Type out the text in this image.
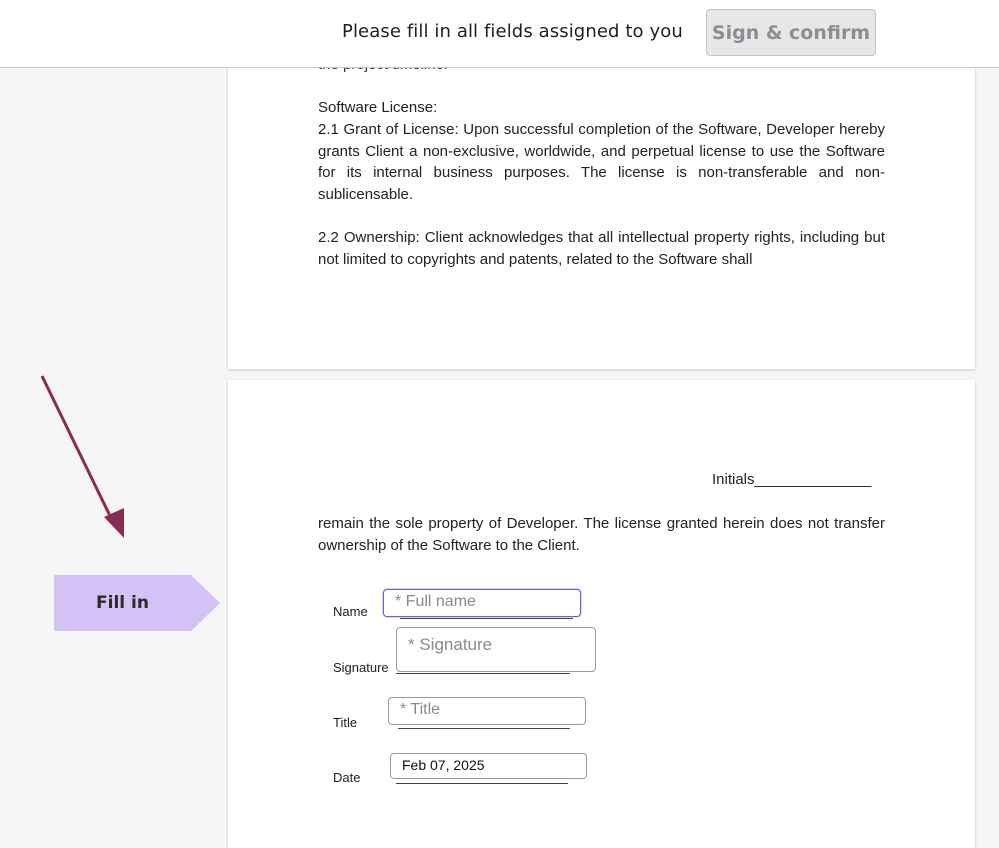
Please fill in all fields assigned to you	Sign & confirm
Software License:
2.1 Grant of License: Upon successful completion of the Software, Developer hereby grants Client a non-exclusive, worldwide, and perpetual license to use the Software for its internal business purposes. The license is non-transferable and non-sublicensable.
2.2 Ownership: Client acknowledges that all intellectual property rights, including but not limited to copyrights and patents, related to the Software shall
Initials______________
remain the sole property of Developer. The license granted herein does not transfer ownership of the Software to the Client.
Name
* Full name
Signature
* Signature
Title
* Title
Date
Feb 07, 2025
Fill in
